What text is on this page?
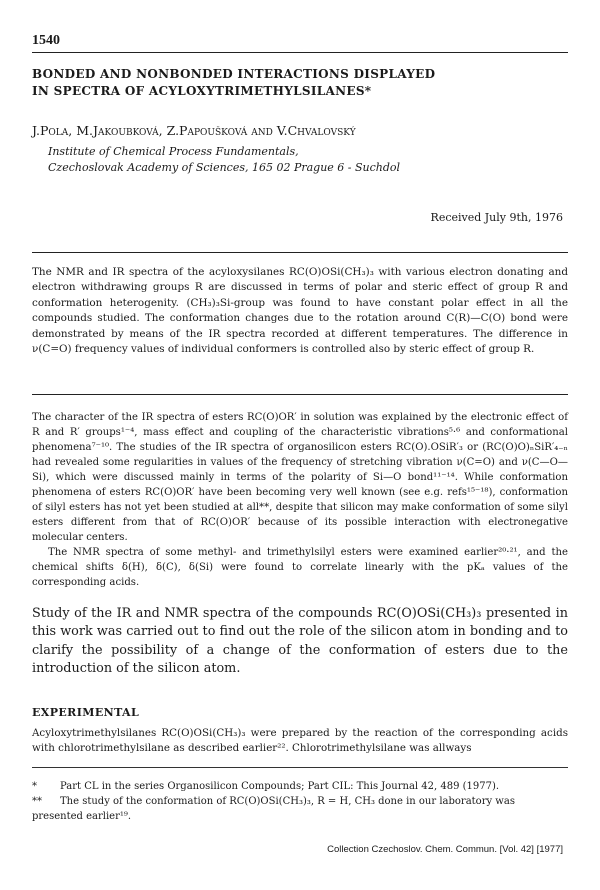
1540
BONDED AND NONBONDED INTERACTIONS DISPLAYED
IN SPECTRA OF ACYLOXYTRIMETHYLSILANES*
J.Pola, M.Jakoubková, Z.Papoušková and V.Chvalovský
Institute of Chemical Process Fundamentals,
Czechoslovak Academy of Sciences, 165 02 Prague 6 - Suchdol
Received July 9th, 1976
The NMR and IR spectra of the acyloxysilanes RC(O)OSi(CH₃)₃ with various electron donating and electron withdrawing groups R are discussed in terms of polar and steric effect of group R and conformation heterogenity. (CH₃)₃Si-group was found to have constant polar effect in all the compounds studied. The conformation changes due to the rotation around C(R)—C(O) bond were demonstrated by means of the IR spectra recorded at different temperatures. The difference in ν(C=O) frequency values of individual conformers is controlled also by steric effect of group R.

The character of the IR spectra of esters RC(O)OR′ in solution was explained by the electronic effect of R and R′ groups¹⁻⁴, mass effect and coupling of the characteristic vibrations⁵·⁶ and conformational phenomena⁷⁻¹⁰. The studies of the IR spectra of organosilicon esters RC(O).OSiR′₃ or (RC(O)O)ₙSiR′₄₋ₙ had revealed some regularities in values of the frequency of stretching vibration ν(C=O) and ν(C—O—Si), which were discussed mainly in terms of the polarity of Si—O bond¹¹⁻¹⁴. While conformation phenomena of esters RC(O)OR′ have been becoming very well known (see e.g. refs¹⁵⁻¹⁸), conformation of silyl esters has not yet been studied at all**, despite that silicon may make conformation of some silyl esters different from that of RC(O)OR′ because of its possible interaction with electronegative molecular centers.

The NMR spectra of some methyl- and trimethylsilyl esters were examined earlier²⁰·²¹, and the chemical shifts δ(H), δ(C), δ(Si) were found to correlate linearly with the pKₐ values of the corresponding acids.

Study of the IR and NMR spectra of the compounds RC(O)OSi(CH₃)₃ presented in this work was carried out to find out the role of the silicon atom in bonding and to clarify the possibility of a change of the conformation of esters due to the introduction of the silicon atom.
EXPERIMENTAL
Acyloxytrimethylsilanes RC(O)OSi(CH₃)₃ were prepared by the reaction of the corresponding acids with chlorotrimethylsilane as described earlier²². Chlorotrimethylsilane was allways

* Part CL in the series Organosilicon Compounds; Part CIL: This Journal 42, 489 (1977).

** The study of the conformation of RC(O)OSi(CH₃)₃, R = H, CH₃ done in our laboratory was presented earlier¹⁹.

Collection Czechoslov. Chem. Commun. [Vol. 42] [1977]
